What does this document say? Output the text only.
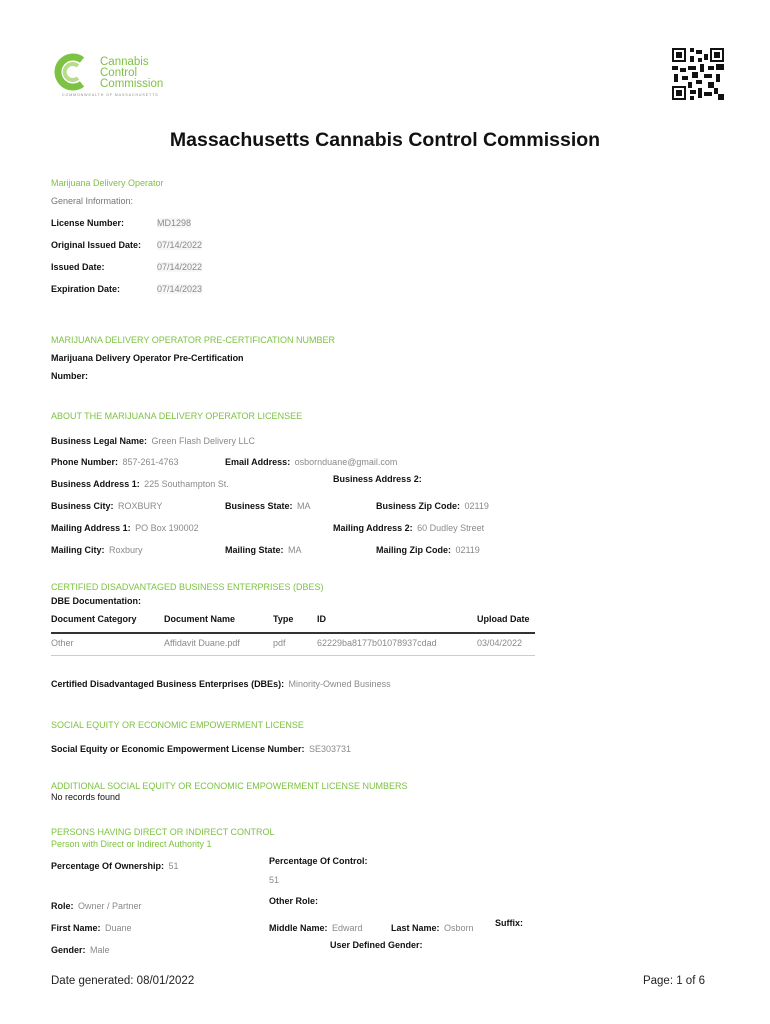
Cannabis
Control
Commission
COMMONWEALTH OF MASSACHUSETTS
Massachusetts Cannabis Control Commission
Marijuana Delivery Operator
General Information:
License Number:	MD1298
Original Issued Date: 07/14/2022
Issued Date:	07/14/2022
Expiration Date:	07/14/2023
MARIJUANA DELIVERY OPERATOR PRE-CERTIFICATION NUMBER
Marijuana Delivery Operator Pre-Certification
Number:
ABOUT THE MARIJUANA DELIVERY OPERATOR LICENSEE
Business Legal Name: Green Flash Delivery LLC
Phone Number: 857-261-4763	Email Address: osbornduane@gmail.com
Business Address 1: 225 Southampton St.	Business Address 2:
Business City: ROXBURY	Business State: MA	Business Zip Code: 02119
Mailing Address 1: PO Box 190002	Mailing Address 2: 60 Dudley Street
Mailing City: Roxbury	Mailing State: MA	Mailing Zip Code: 02119
CERTIFIED DISADVANTAGED BUSINESS ENTERPRISES (DBES)
DBE Documentation:
Document Category	Document Name	Type	ID	Upload Date
Other	Affidavit Duane.pdf	pdf	62229ba8177b01078937cdad	03/04/2022
Certified Disadvantaged Business Enterprises (DBEs): Minority-Owned Business
SOCIAL EQUITY OR ECONOMIC EMPOWERMENT LICENSE
Social Equity or Economic Empowerment License Number: SE303731
ADDITIONAL SOCIAL EQUITY OR ECONOMIC EMPOWERMENT LICENSE NUMBERS
No records found
PERSONS HAVING DIRECT OR INDIRECT CONTROL
Person with Direct or Indirect Authority 1
Percentage Of Ownership: 51	Percentage Of Control:
51
Role: Owner / Partner	Other Role:
First Name: Duane	Middle Name: Edward	Last Name: Osborn Suffix:
Gender: Male	User Defined Gender:
Date generated: 08/01/2022	Page: 1 of 6
